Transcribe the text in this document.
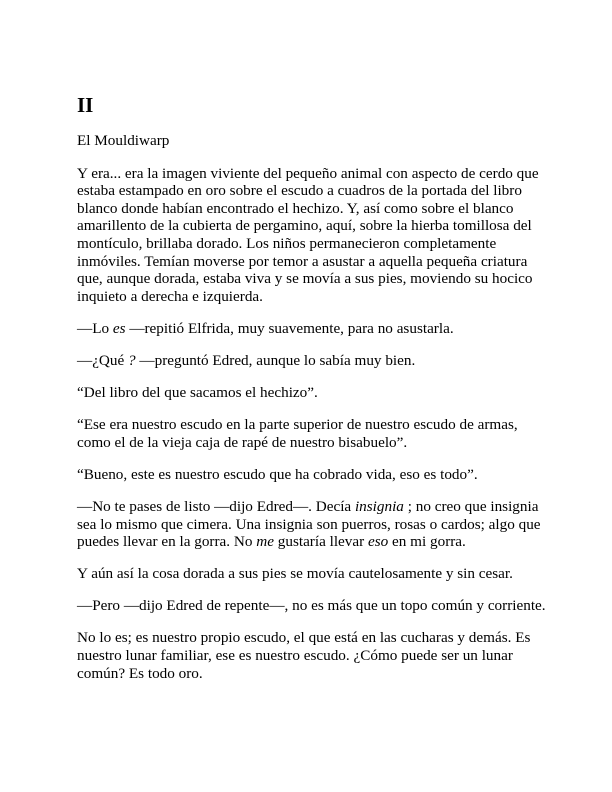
II
El Mouldiwarp
Y era... era la imagen viviente del pequeño animal con aspecto de cerdo que estaba estampado en oro sobre el escudo a cuadros de la portada del libro blanco donde habían encontrado el hechizo. Y, así como sobre el blanco amarillento de la cubierta de pergamino, aquí, sobre la hierba tomillosa del montículo, brillaba dorado. Los niños permanecieron completamente inmóviles. Temían moverse por temor a asustar a aquella pequeña criatura que, aunque dorada, estaba viva y se movía a sus pies, moviendo su hocico inquieto a derecha e izquierda.
—Lo es —repitió Elfrida, muy suavemente, para no asustarla.
—¿Qué ? —preguntó Edred, aunque lo sabía muy bien.
“Del libro del que sacamos el hechizo”.
“Ese era nuestro escudo en la parte superior de nuestro escudo de armas, como el de la vieja caja de rapé de nuestro bisabuelo”.
“Bueno, este es nuestro escudo que ha cobrado vida, eso es todo”.
—No te pases de listo —dijo Edred—. Decía insignia ; no creo que insignia sea lo mismo que cimera. Una insignia son puerros, rosas o cardos; algo que puedes llevar en la gorra. No me gustaría llevar eso en mi gorra.
Y aún así la cosa dorada a sus pies se movía cautelosamente y sin cesar.
—Pero —dijo Edred de repente—, no es más que un topo común y corriente.
No lo es; es nuestro propio escudo, el que está en las cucharas y demás. Es nuestro lunar familiar, ese es nuestro escudo. ¿Cómo puede ser un lunar común? Es todo oro.
